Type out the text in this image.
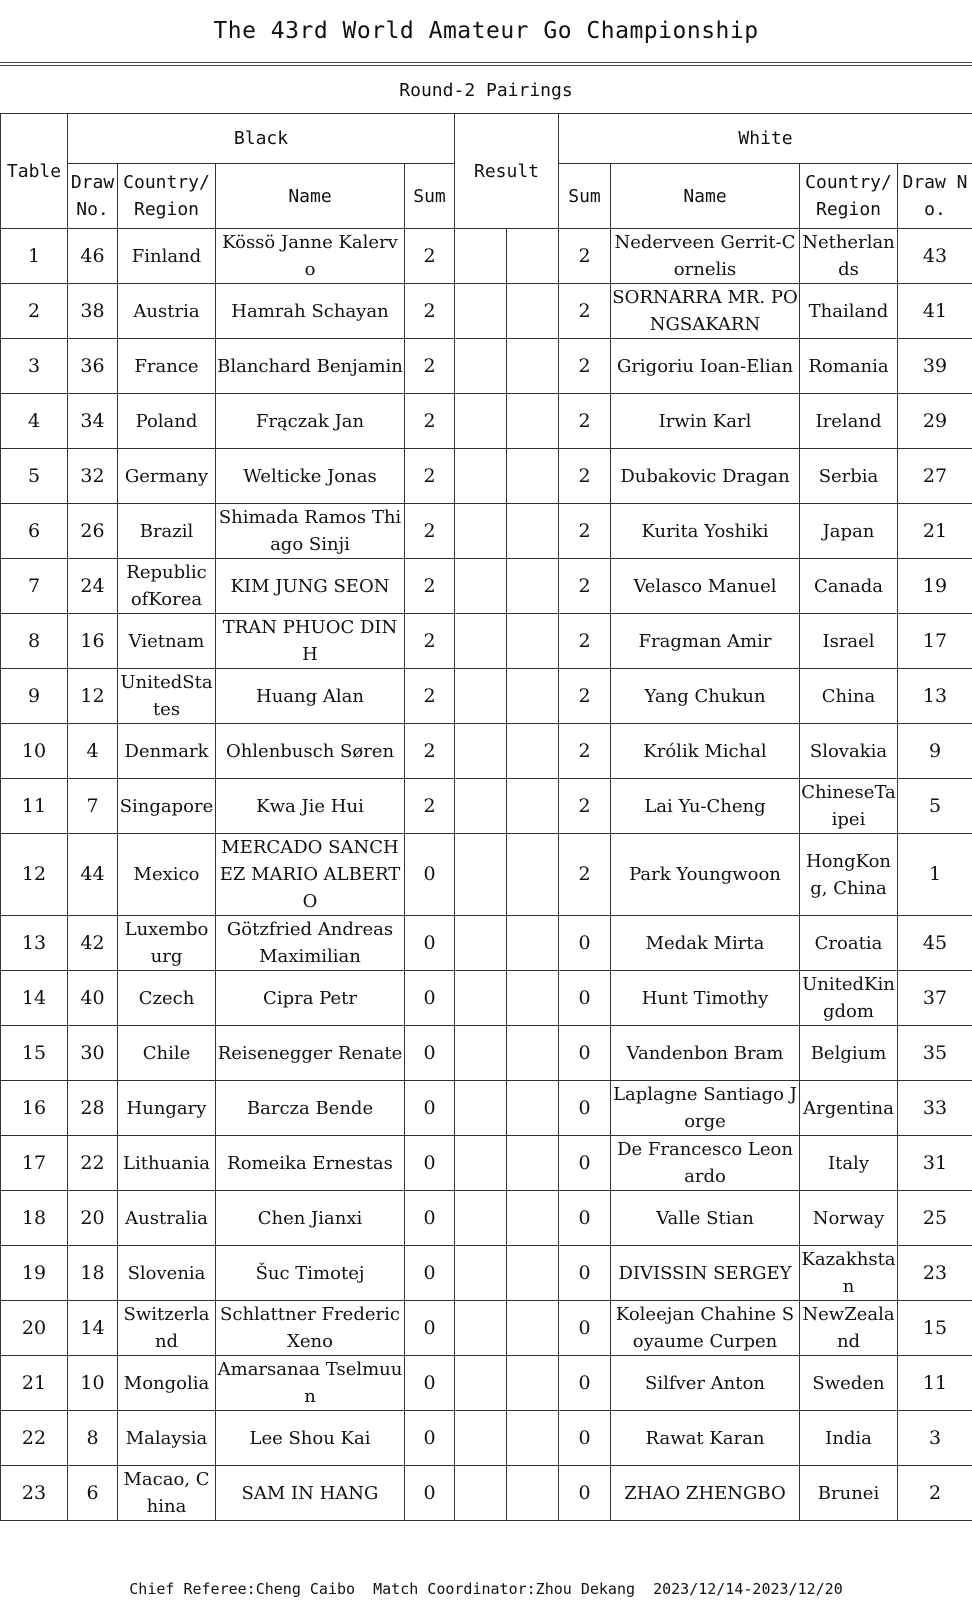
The 43rd World Amateur Go Championship
Round-2 Pairings
Table	Black				Result		White			
	Draw No.	Country/ Region	Name	Sum			Sum	Name	Country/ Region	Draw No.
1	46	Finland	Kössö Janne Kalervo	2			2	Nederveen Gerrit-Cornelis	Netherlands	43
2	38	Austria	Hamrah Schayan	2			2	SORNARRA MR. PONGSAKARN	Thailand	41
3	36	France	Blanchard Benjamin	2			2	Grigoriu Ioan-Elian	Romania	39
4	34	Poland	Frączak Jan	2			2	Irwin Karl	Ireland	29
5	32	Germany	Welticke Jonas	2			2	Dubakovic Dragan	Serbia	27
6	26	Brazil	Shimada Ramos Thiago Sinji	2			2	Kurita Yoshiki	Japan	21
7	24	Republic ofKorea	KIM JUNG SEON	2			2	Velasco Manuel	Canada	19
8	16	Vietnam	TRAN PHUOC DINH	2			2	Fragman Amir	Israel	17
9	12	UnitedStates	Huang Alan	2			2	Yang Chukun	China	13
10	4	Denmark	Ohlenbusch Søren	2			2	Królik Michal	Slovakia	9
11	7	Singapore	Kwa Jie Hui	2			2	Lai Yu-Cheng	ChineseTaipei	5
12	44	Mexico	MERCADO SANCHEZ MARIO ALBERTO	0			2	Park Youngwoon	HongKong, China	1
13	42	Luxembourg	Götzfried Andreas Maximilian	0			0	Medak Mirta	Croatia	45
14	40	Czech	Cipra Petr	0			0	Hunt Timothy	UnitedKingdom	37
15	30	Chile	Reisenegger Renate	0			0	Vandenbon Bram	Belgium	35
16	28	Hungary	Barcza Bende	0			0	Laplagne Santiago Jorge	Argentina	33
17	22	Lithuania	Romeika Ernestas	0			0	De Francesco Leonardo	Italy	31
18	20	Australia	Chen Jianxi	0			0	Valle Stian	Norway	25
19	18	Slovenia	Šuc Timotej	0			0	DIVISSIN SERGEY	Kazakhstan	23
20	14	Switzerland	Schlattner Frederic Xeno	0			0	Koleejan Chahine Soyaume Curpen	NewZealand	15
21	10	Mongolia	Amarsanaa Tselmuun	0			0	Silfver Anton	Sweden	11
22	8	Malaysia	Lee Shou Kai	0			0	Rawat Karan	India	3
23	6	Macao, China	SAM IN HANG	0			0	ZHAO ZHENGBO	Brunei	2
Chief Referee:Cheng Caibo
Match Coordinator:Zhou Dekang
2023/12/14-2023/12/20
